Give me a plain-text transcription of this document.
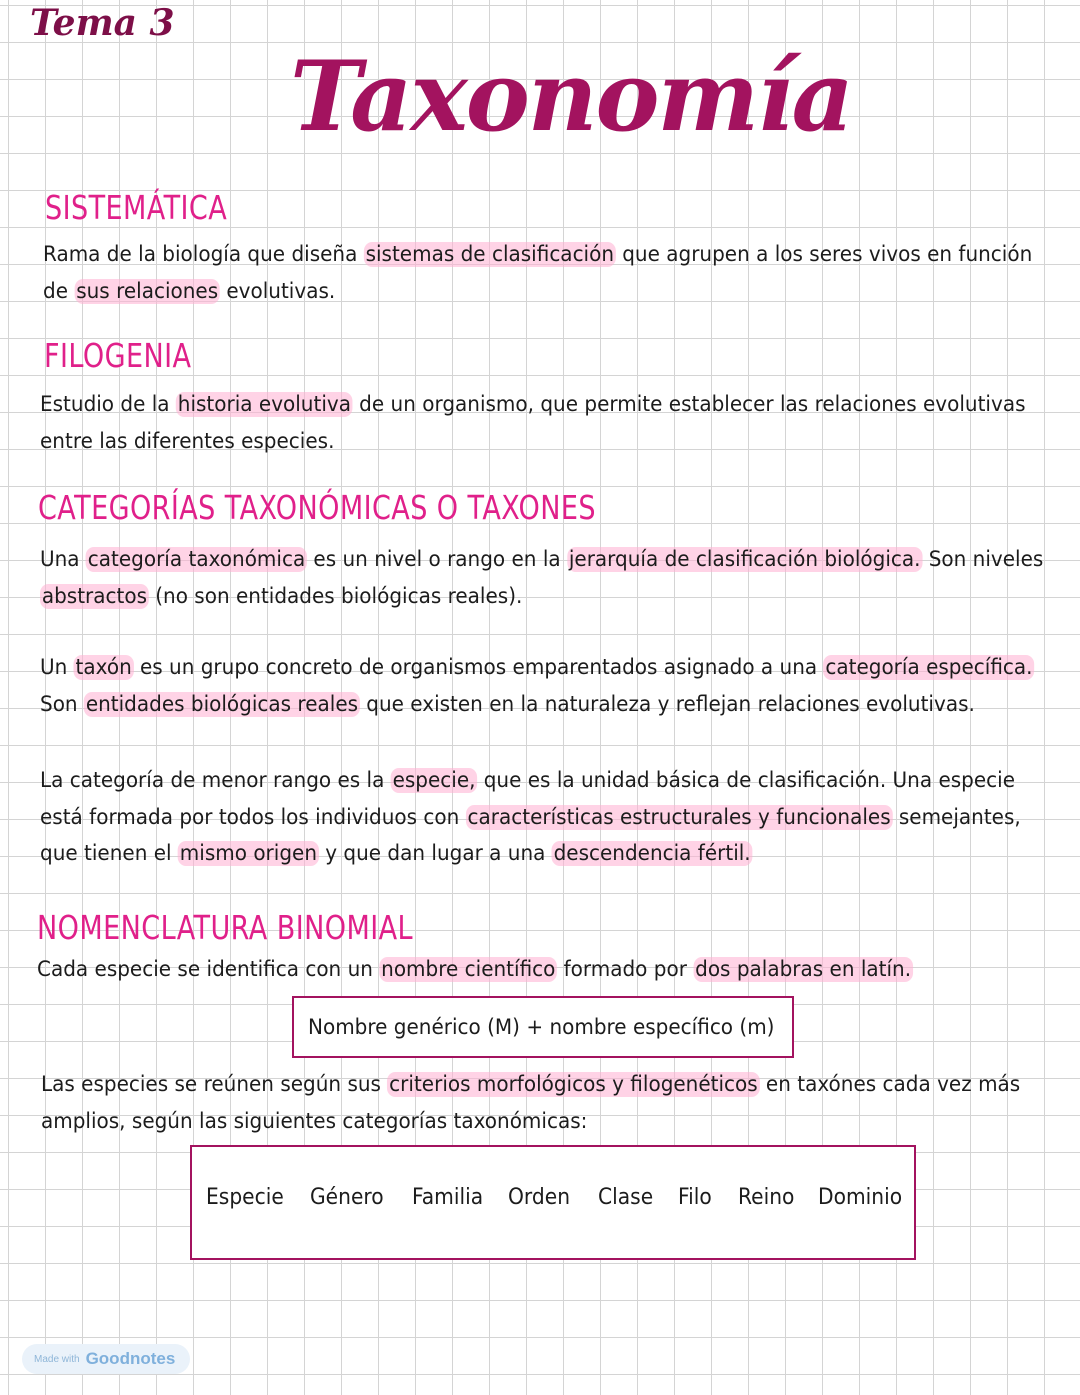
Tema 3
Taxonomía
SISTEMÁTICA
Rama de la biología que diseña sistemas de clasificación que agrupen a los seres vivos en función
de sus relaciones evolutivas.
FILOGENIA
Estudio de la historia evolutiva de un organismo, que permite establecer las relaciones evolutivas
entre las diferentes especies.
CATEGORÍAS TAXONÓMICAS O TAXONES
Una categoría taxonómica es un nivel o rango en la jerarquía de clasificación biológica. Son niveles
abstractos (no son entidades biológicas reales).
Un taxón es un grupo concreto de organismos emparentados asignado a una categoría específica.
Son entidades biológicas reales que existen en la naturaleza y reflejan relaciones evolutivas.
La categoría de menor rango es la especie, que es la unidad básica de clasificación. Una especie
está formada por todos los individuos con características estructurales y funcionales semejantes,
que tienen el mismo origen y que dan lugar a una descendencia fértil.
NOMENCLATURA BINOMIAL
Cada especie se identifica con un nombre científico formado por dos palabras en latín.
Nombre genérico (M) + nombre específico (m)
Las especies se reúnen según sus criterios morfológicos y filogenéticos en taxónes cada vez más
amplios, según las siguientes categorías taxonómicas:
Especie Género Familia Orden Clase Filo Reino Dominio
Made with Goodnotes
